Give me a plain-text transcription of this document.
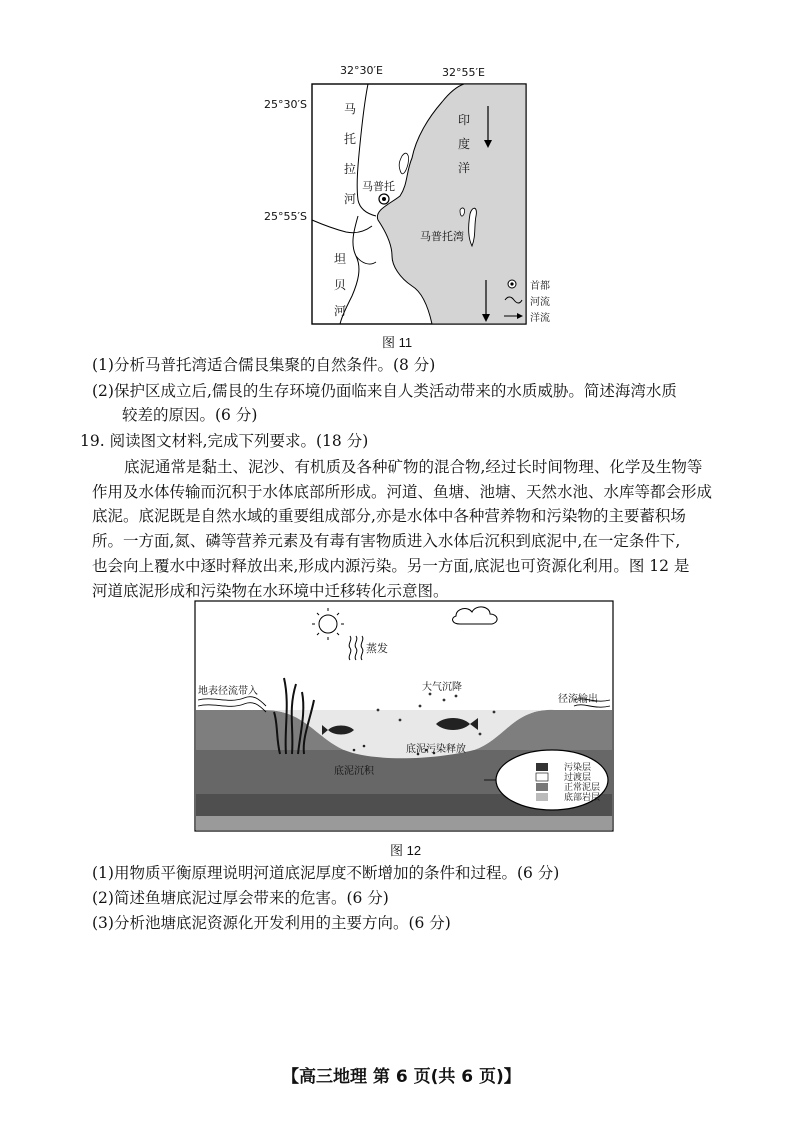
32°30′E	32°55′E
25°30′S
25°55′S
马
托
拉
河
坦
贝
河
印
度
洋
马普托
马普托湾
首都
河流
洋流
图 11
(1)分析马普托湾适合儒艮集聚的自然条件。(8 分)
(2)保护区成立后,儒艮的生存环境仍面临来自人类活动带来的水质威胁。简述海湾水质
较差的原因。(6 分)
19. 阅读图文材料,完成下列要求。(18 分)
底泥通常是黏土、泥沙、有机质及各种矿物的混合物,经过长时间物理、化学及生物等
作用及水体传输而沉积于水体底部所形成。河道、鱼塘、池塘、天然水池、水库等都会形成
底泥。底泥既是自然水域的重要组成部分,亦是水体中各种营养物和污染物的主要蓄积场
所。一方面,氮、磷等营养元素及有毒有害物质进入水体后沉积到底泥中,在一定条件下,
也会向上覆水中逐时释放出来,形成内源污染。另一方面,底泥也可资源化利用。图 12 是
河道底泥形成和污染物在水环境中迁移转化示意图。
蒸发
地表径流带入	大气沉降
径流输出
底泥污染释放
底泥沉积	污染层
过渡层
正常泥层
底部岩层
图 12
(1)用物质平衡原理说明河道底泥厚度不断增加的条件和过程。(6 分)
(2)简述鱼塘底泥过厚会带来的危害。(6 分)
(3)分析池塘底泥资源化开发利用的主要方向。(6 分)
【高三地理 第 6 页(共 6 页)】
